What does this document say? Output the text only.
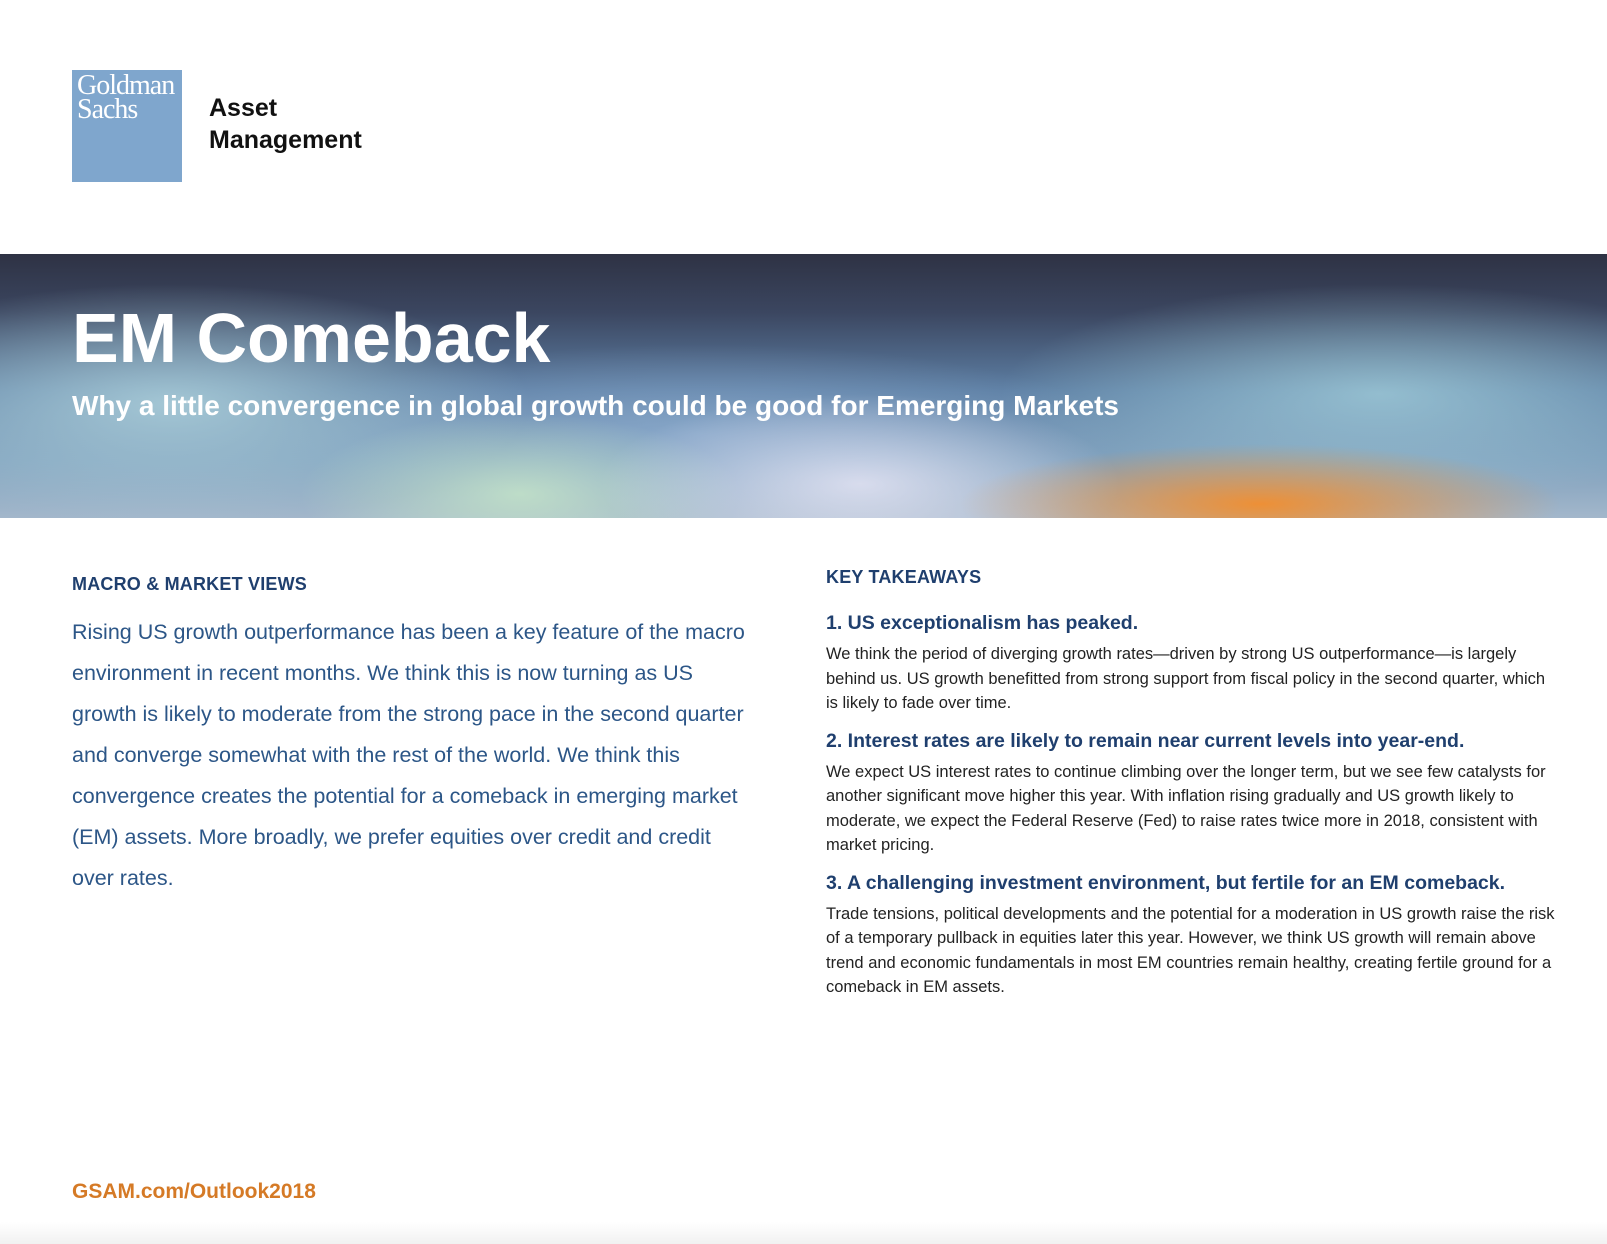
Goldman
Sachs	Asset
Management
EM Comeback
Why a little convergence in global growth could be good for Emerging Markets
MACRO & MARKET VIEWS

Rising US growth outperformance has been a key feature of the macro environment in recent months. We think this is now turning as US growth is likely to moderate from the strong pace in the second quarter and converge somewhat with the rest of the world. We think this convergence creates the potential for a comeback in emerging market (EM) assets. More broadly, we prefer equities over credit and credit over rates.

KEY TAKEAWAYS
1. US exceptionalism has peaked.

We think the period of diverging growth rates—driven by strong US outperformance—is largely behind us. US growth benefitted from strong support from fiscal policy in the second quarter, which is likely to fade over time.

2. Interest rates are likely to remain near current levels into year-end.

We expect US interest rates to continue climbing over the longer term, but we see few catalysts for another significant move higher this year. With inflation rising gradually and US growth likely to moderate, we expect the Federal Reserve (Fed) to raise rates twice more in 2018, consistent with market pricing.

3. A challenging investment environment, but fertile for an EM comeback.

Trade tensions, political developments and the potential for a moderation in US growth raise the risk of a temporary pullback in equities later this year. However, we think US growth will remain above trend and economic fundamentals in most EM countries remain healthy, creating fertile ground for a comeback in EM assets.

GSAM.com/Outlook2018
